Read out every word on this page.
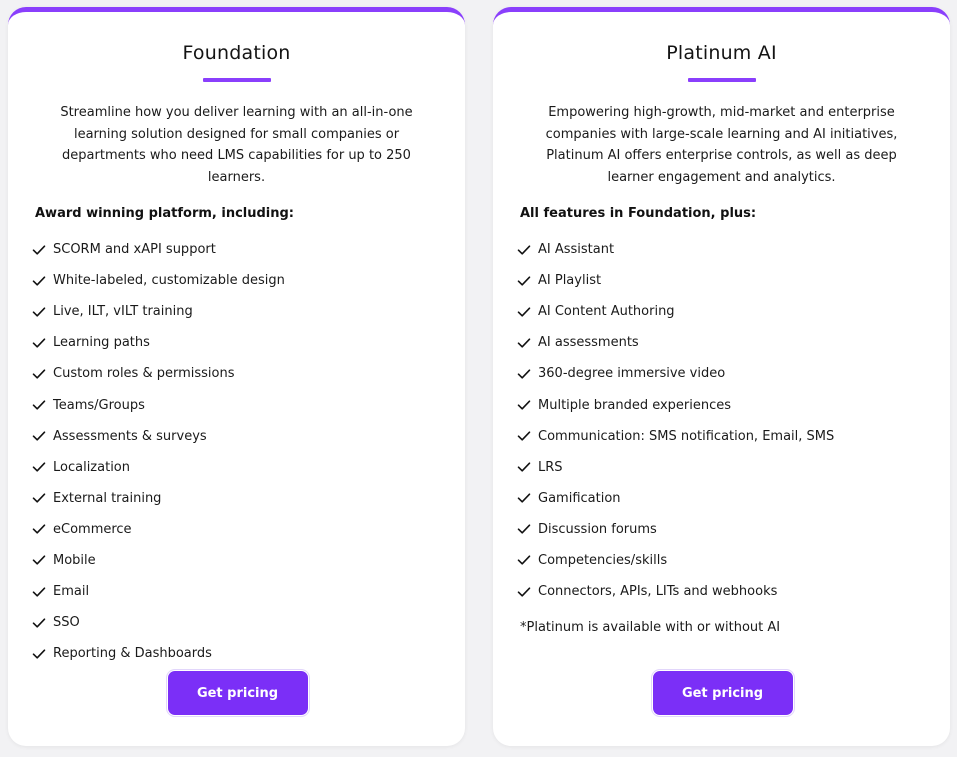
Foundation

Streamline how you deliver learning with an all-in-one learning solution designed for small companies or departments who need LMS capabilities for up to 250 learners.

Award winning platform, including:
SCORM and xAPI support
White-labeled, customizable design
Live, ILT, vILT training
Learning paths
Custom roles & permissions
Teams/Groups
Assessments & surveys
Localization
External training
eCommerce
Mobile
Email
SSO
Reporting & Dashboards
Get pricing
Platinum AI

Empowering high-growth, mid-market and enterprise companies with large-scale learning and AI initiatives, Platinum AI offers enterprise controls, as well as deep learner engagement and analytics.

All features in Foundation, plus:
AI Assistant
AI Playlist
AI Content Authoring
AI assessments
360-degree immersive video
Multiple branded experiences
Communication: SMS notification, Email, SMS
LRS
Gamification
Discussion forums
Competencies/skills
Connectors, APIs, LITs and webhooks
*Platinum is available with or without AI
Get pricing
